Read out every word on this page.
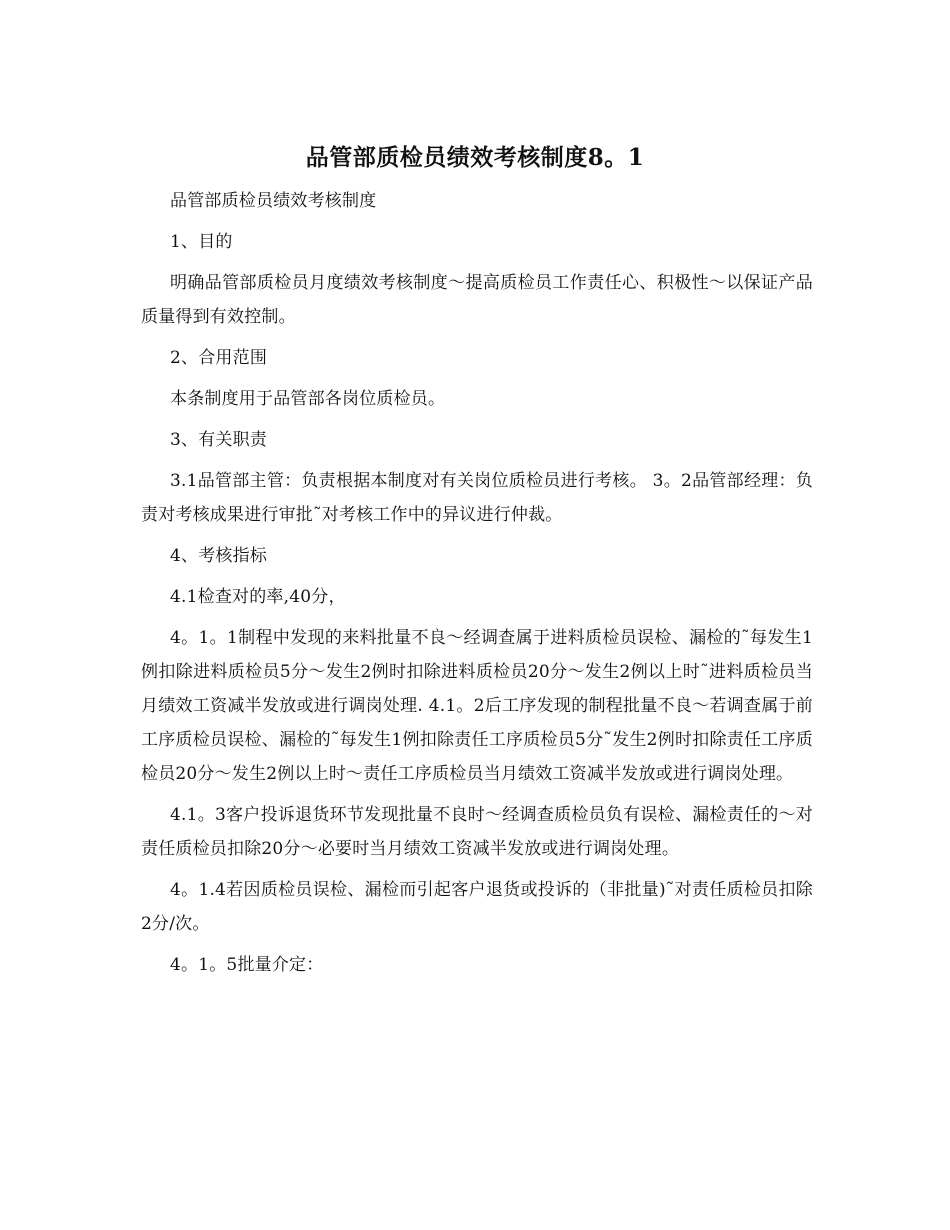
品管部质检员绩效考核制度8。1

品管部质检员绩效考核制度

1、目的

明确品管部质检员月度绩效考核制度～提高质检员工作责任心、积极性～以保证产品质量得到有效控制。

2、合用范围

本条制度用于品管部各岗位质检员。

3、有关职责

3.1品管部主管：负责根据本制度对有关岗位质检员进行考核。 3。2品管部经理：负责对考核成果进行审批˜对考核工作中的异议进行仲裁。

4、考核指标

4.1检查对的率,40分，

4。1。1制程中发现的来料批量不良～经调查属于进料质检员误检、漏检的˜每发生1例扣除进料质检员5分～发生2例时扣除进料质检员20分～发生2例以上时˜进料质检员当月绩效工资减半发放或进行调岗处理. 4.1。2后工序发现的制程批量不良～若调查属于前工序质检员误检、漏检的˜每发生1例扣除责任工序质检员5分˜发生2例时扣除责任工序质检员20分～发生2例以上时～责任工序质检员当月绩效工资减半发放或进行调岗处理。

4.1。3客户投诉退货环节发现批量不良时～经调查质检员负有误检、漏检责任的～对责任质检员扣除20分～必要时当月绩效工资减半发放或进行调岗处理。

4。1.4若因质检员误检、漏检而引起客户退货或投诉的（非批量)˜对责任质检员扣除2分/次。

4。1。5批量介定：
